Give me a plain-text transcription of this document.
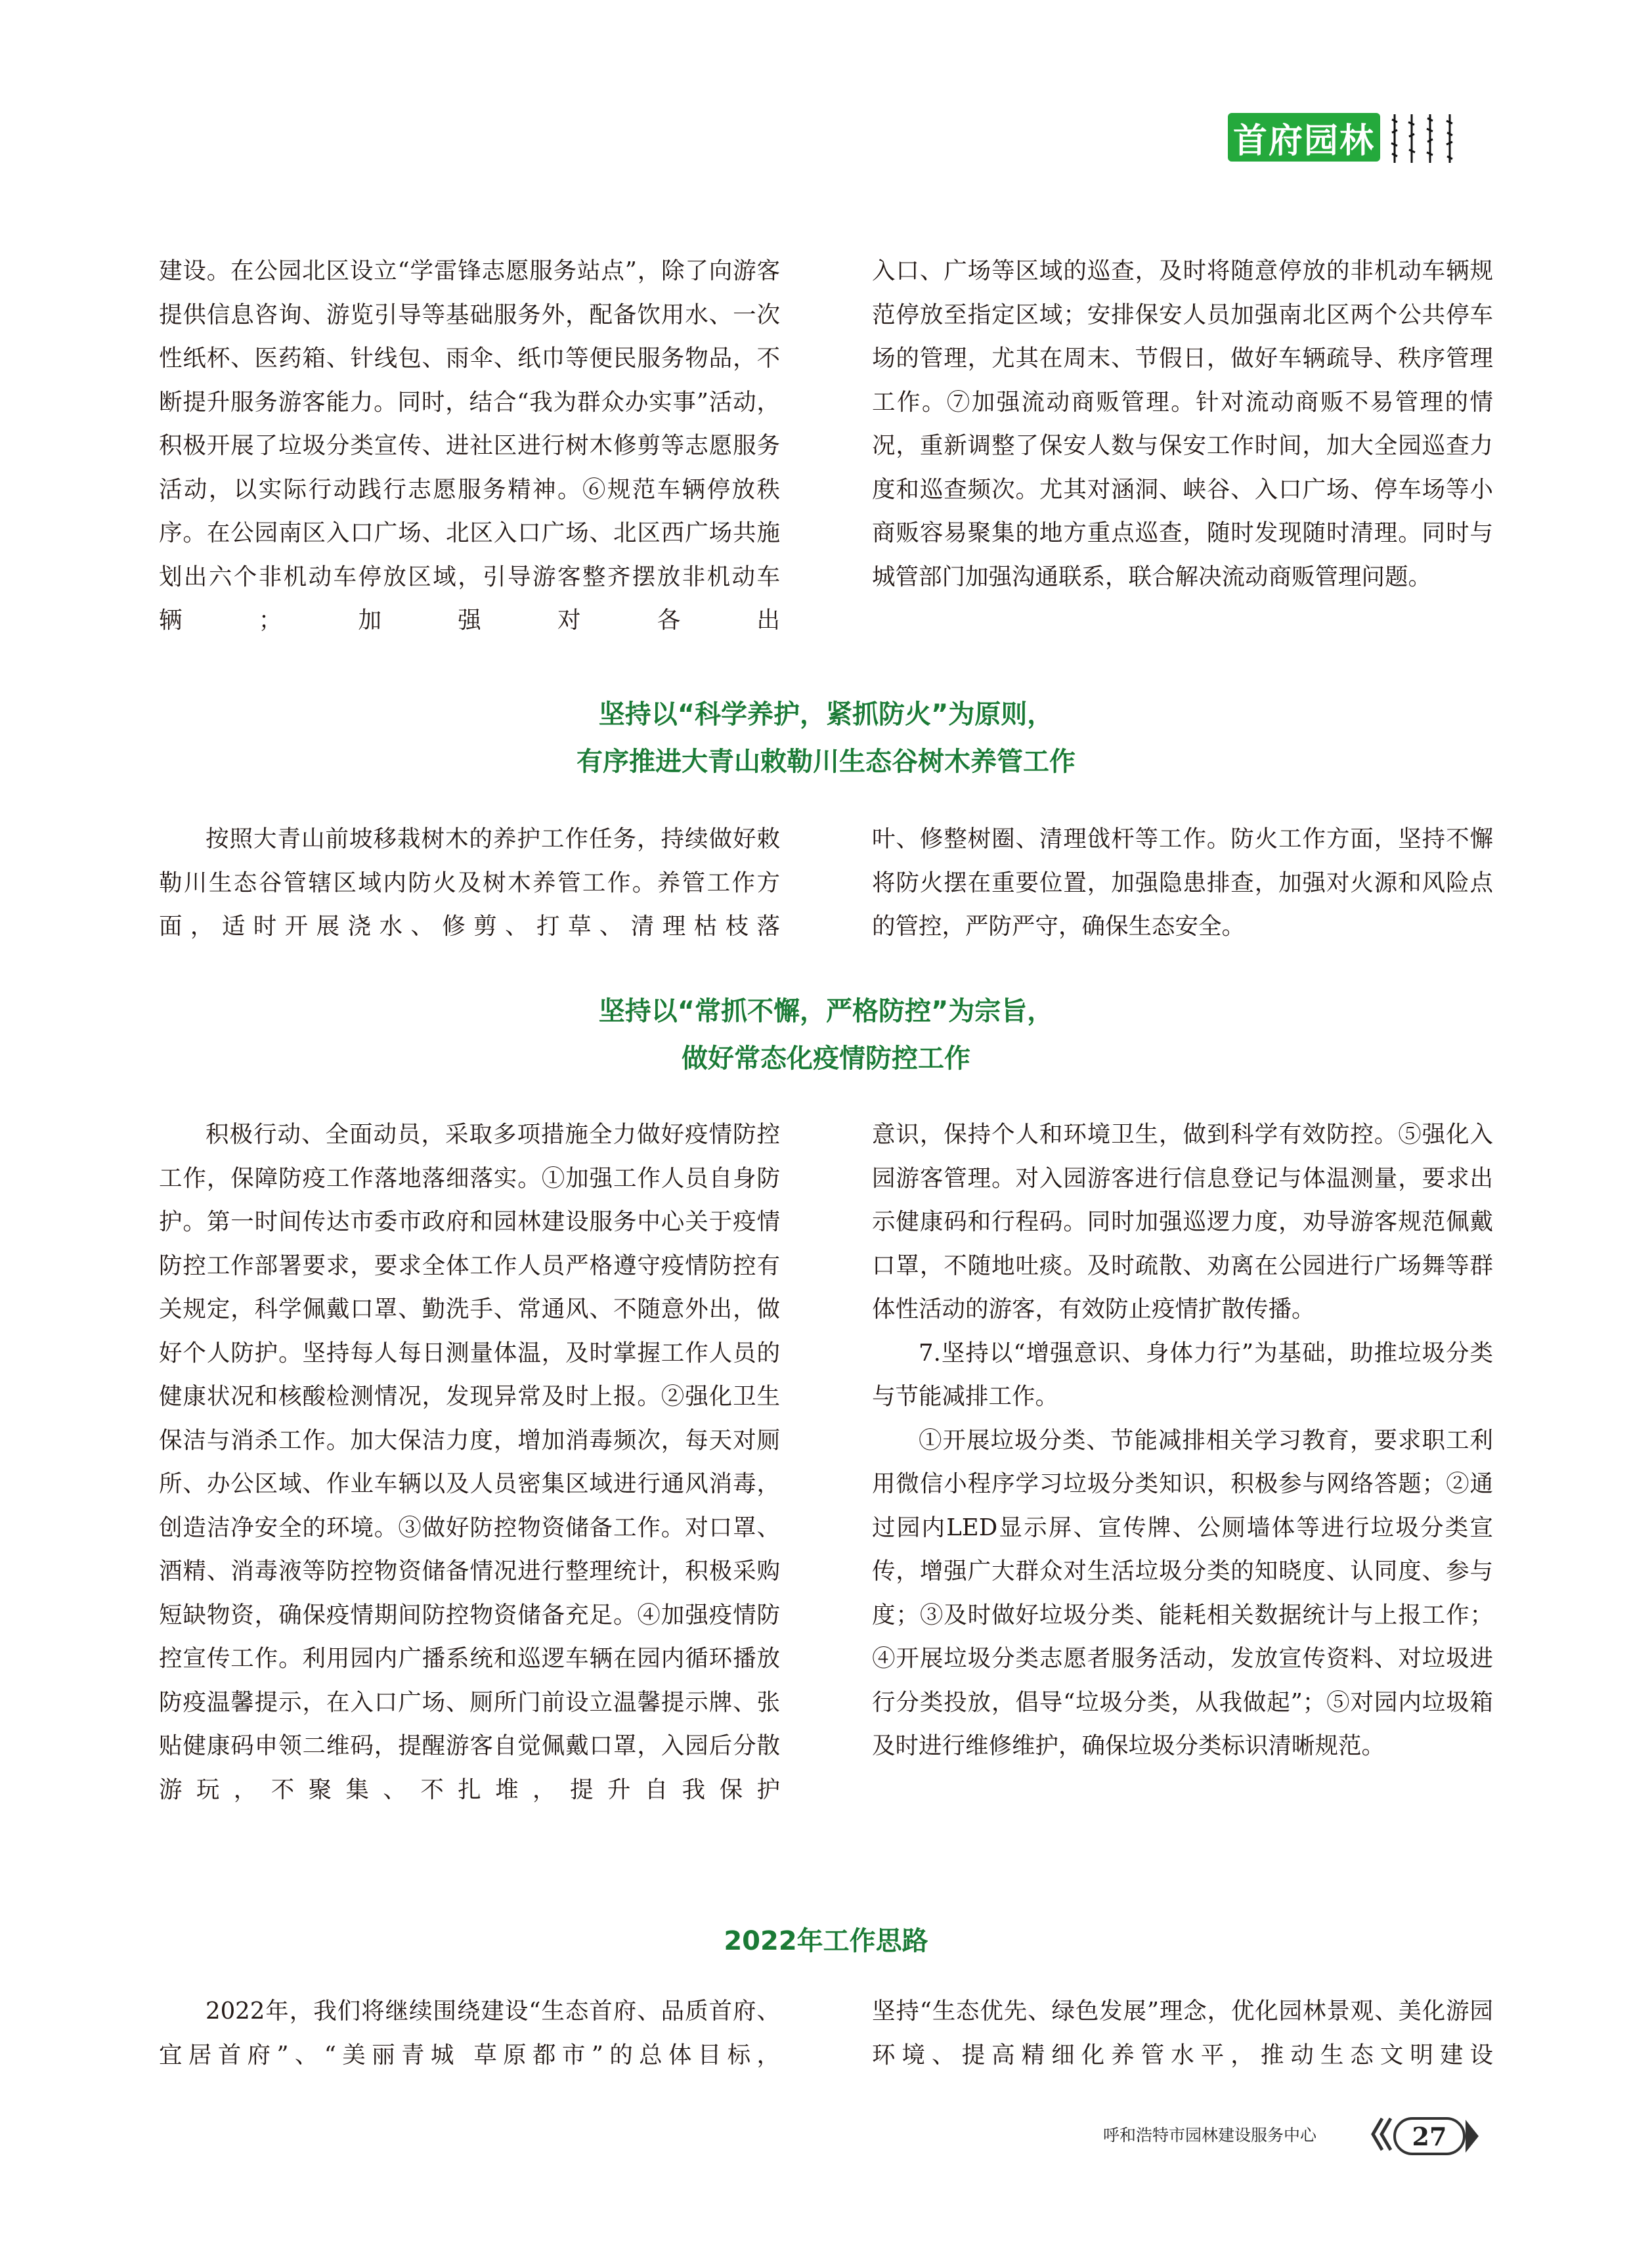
首府园林

建设。在公园北区设立“学雷锋志愿服务站点”，除了向游客提供信息咨询、游览引导等基础服务外，配备饮用水、一次性纸杯、医药箱、针线包、雨伞、纸巾等便民服务物品，不断提升服务游客能力。同时，结合“我为群众办实事”活动，积极开展了垃圾分类宣传、进社区进行树木修剪等志愿服务活动，以实际行动践行志愿服务精神。⑥规范车辆停放秩序。在公园南区入口广场、北区入口广场、北区西广场共施划出六个非机动车停放区域，引导游客整齐摆放非机动车辆；加强对各出

入口、广场等区域的巡查，及时将随意停放的非机动车辆规范停放至指定区域；安排保安人员加强南北区两个公共停车场的管理，尤其在周末、节假日，做好车辆疏导、秩序管理工作。⑦加强流动商贩管理。针对流动商贩不易管理的情况，重新调整了保安人数与保安工作时间，加大全园巡查力度和巡查频次。尤其对涵洞、峡谷、入口广场、停车场等小商贩容易聚集的地方重点巡查，随时发现随时清理。同时与城管部门加强沟通联系，联合解决流动商贩管理问题。

坚持以“科学养护，紧抓防火”为原则，
有序推进大青山敕勒川生态谷树木养管工作

按照大青山前坡移栽树木的养护工作任务，持续做好敕勒川生态谷管辖区域内防火及树木养管工作。养管工作方面，适时开展浇水、修剪、打草、清理枯枝落

叶、修整树圈、清理戗杆等工作。防火工作方面，坚持不懈将防火摆在重要位置，加强隐患排查，加强对火源和风险点的管控，严防严守，确保生态安全。

坚持以“常抓不懈，严格防控”为宗旨，
做好常态化疫情防控工作

积极行动、全面动员，采取多项措施全力做好疫情防控工作，保障防疫工作落地落细落实。①加强工作人员自身防护。第一时间传达市委市政府和园林建设服务中心关于疫情防控工作部署要求，要求全体工作人员严格遵守疫情防控有关规定，科学佩戴口罩、勤洗手、常通风、不随意外出，做好个人防护。坚持每人每日测量体温，及时掌握工作人员的健康状况和核酸检测情况，发现异常及时上报。②强化卫生保洁与消杀工作。加大保洁力度，增加消毒频次，每天对厕所、办公区域、作业车辆以及人员密集区域进行通风消毒，创造洁净安全的环境。③做好防控物资储备工作。对口罩、酒精、消毒液等防控物资储备情况进行整理统计，积极采购短缺物资，确保疫情期间防控物资储备充足。④加强疫情防控宣传工作。利用园内广播系统和巡逻车辆在园内循环播放防疫温馨提示，在入口广场、厕所门前设立温馨提示牌、张贴健康码申领二维码，提醒游客自觉佩戴口罩，入园后分散游玩，不聚集、不扎堆，提升自我保护

意识，保持个人和环境卫生，做到科学有效防控。⑤强化入园游客管理。对入园游客进行信息登记与体温测量，要求出示健康码和行程码。同时加强巡逻力度，劝导游客规范佩戴口罩，不随地吐痰。及时疏散、劝离在公园进行广场舞等群体性活动的游客，有效防止疫情扩散传播。

7.坚持以“增强意识、身体力行”为基础，助推垃圾分类与节能减排工作。

①开展垃圾分类、节能减排相关学习教育，要求职工利用微信小程序学习垃圾分类知识，积极参与网络答题；②通过园内LED显示屏、宣传牌、公厕墙体等进行垃圾分类宣传，增强广大群众对生活垃圾分类的知晓度、认同度、参与度；③及时做好垃圾分类、能耗相关数据统计与上报工作；④开展垃圾分类志愿者服务活动，发放宣传资料、对垃圾进行分类投放，倡导“垃圾分类，从我做起”；⑤对园内垃圾箱及时进行维修维护，确保垃圾分类标识清晰规范。

2022年工作思路

2022年，我们将继续围绕建设“生态首府、品质首府、宜居首府”、“美丽青城 草原都市”的总体目标，

坚持“生态优先、绿色发展”理念，优化园林景观、美化游园环境、提高精细化养管水平，推动生态文明建设

呼和浩特市园林建设服务中心	27
